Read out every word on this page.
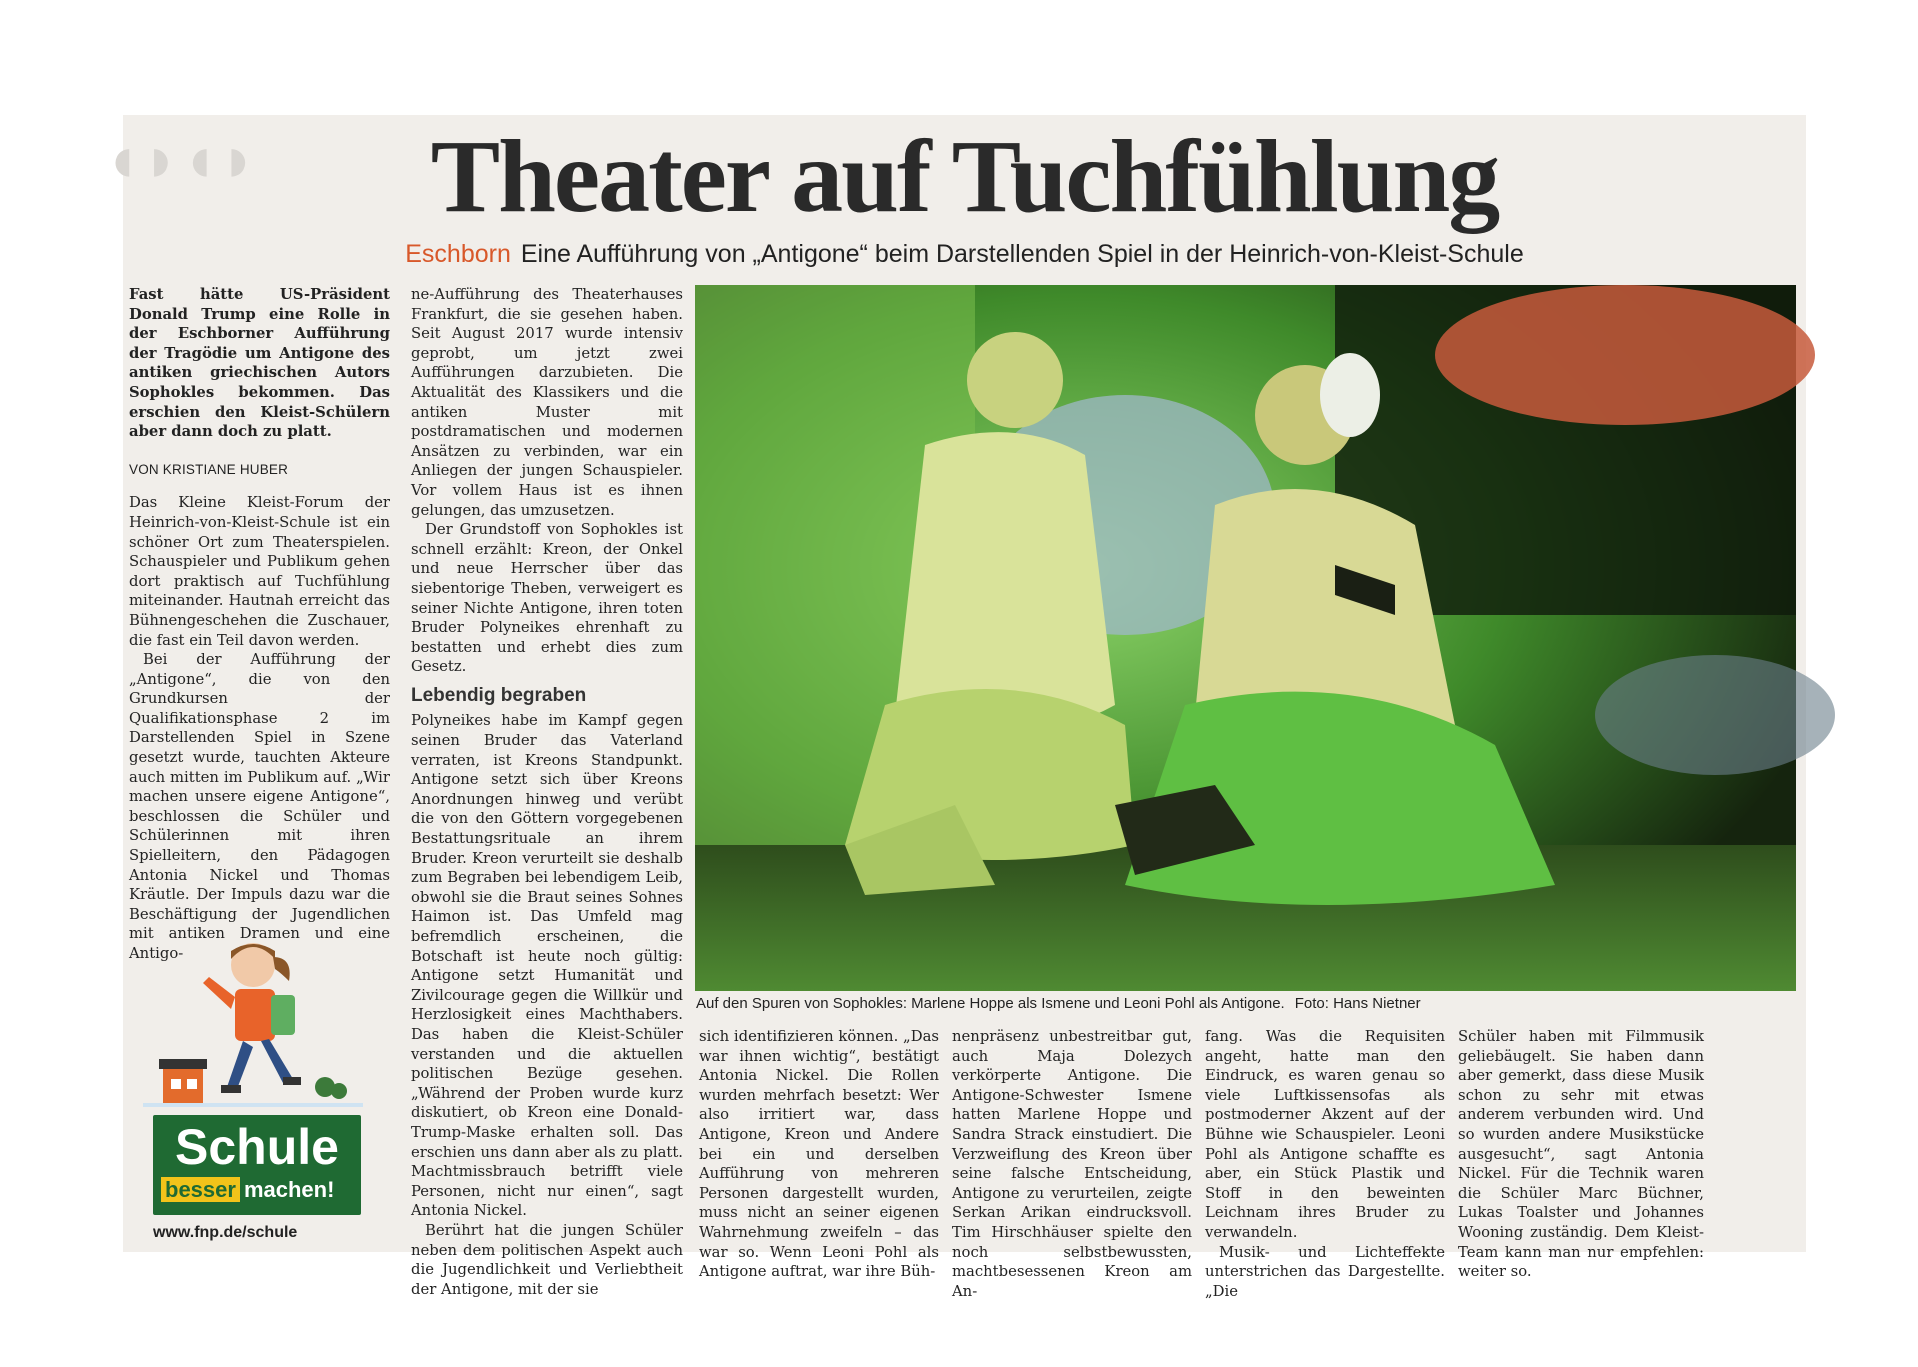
◖◗◖◗	Theater auf Tuchfühlung
Eschborn Eine Aufführung von „Antigone“ beim Darstellenden Spiel in der Heinrich-von-Kleist-Schule

Fast hätte US-Präsident Donald Trump eine Rolle in der Eschborner Aufführung der Tragödie um Antigone des antiken griechischen Autors Sophokles bekommen. Das erschien den Kleist-Schülern aber dann doch zu platt.

VON KRISTIANE HUBER

Das Kleine Kleist-Forum der Heinrich-von-Kleist-Schule ist ein schöner Ort zum Theaterspielen. Schauspieler und Publikum gehen dort praktisch auf Tuchfühlung miteinander. Hautnah erreicht das Bühnengeschehen die Zuschauer, die fast ein Teil davon werden.

Bei der Aufführung der „Antigone“, die von den Grundkursen der Qualifikationsphase 2 im Darstellenden Spiel in Szene gesetzt wurde, tauchten Akteure auch mitten im Publikum auf. „Wir machen unsere eigene Antigone“, beschlossen die Schüler und Schülerinnen mit ihren Spielleitern, den Pädagogen Antonia Nickel und Thomas Kräutle. Der Impuls dazu war die Beschäftigung der Jugendlichen mit antiken Dramen und eine Antigo-

ne-Aufführung des Theaterhauses Frankfurt, die sie gesehen haben. Seit August 2017 wurde intensiv geprobt, um jetzt zwei Aufführungen darzubieten. Die Aktualität des Klassikers und die antiken Muster mit postdramatischen und modernen Ansätzen zu verbinden, war ein Anliegen der jungen Schauspieler. Vor vollem Haus ist es ihnen gelungen, das umzusetzen.

Der Grundstoff von Sophokles ist schnell erzählt: Kreon, der Onkel und neue Herrscher über das siebentorige Theben, verweigert es seiner Nichte Antigone, ihren toten Bruder Polyneikes ehrenhaft zu bestatten und erhebt dies zum Gesetz.

Lebendig begraben

Polyneikes habe im Kampf gegen seinen Bruder das Vaterland verraten, ist Kreons Standpunkt. Antigone setzt sich über Kreons Anordnungen hinweg und verübt die von den Göttern vorgegebenen Bestattungsrituale an ihrem Bruder. Kreon verurteilt sie deshalb zum Begraben bei lebendigem Leib, obwohl sie die Braut seines Sohnes Haimon ist. Das Umfeld mag befremdlich erscheinen, die Botschaft ist heute noch gültig: Antigone setzt Humanität und Zivilcourage gegen die Willkür und Herzlosigkeit eines Machthabers. Das haben die Kleist-Schüler verstanden und die aktuellen politischen Bezüge gesehen. „Während der Proben wurde kurz diskutiert, ob Kreon eine Donald-Trump-Maske erhalten soll. Das erschien uns dann aber als zu platt. Machtmissbrauch betrifft viele Personen, nicht nur einen“, sagt Antonia Nickel.

Berührt hat die jungen Schüler neben dem politischen Aspekt auch die Jugendlichkeit und Verliebtheit der Antigone, mit der sie

Auf den Spuren von Sophokles: Marlene Hoppe als Ismene und Leoni Pohl als Antigone. Foto: Hans Nietner

sich identifizieren können. „Das war ihnen wichtig“, bestätigt Antonia Nickel. Die Rollen wurden mehrfach besetzt: Wer also irritiert war, dass Antigone, Kreon und Andere bei ein und derselben Aufführung von mehreren Personen dargestellt wurden, muss nicht an seiner eigenen Wahrnehmung zweifeln – das war so. Wenn Leoni Pohl als Antigone auftrat, war ihre Büh-

nenpräsenz unbestreitbar gut, auch Maja Dolezych verkörperte Antigone. Die Antigone-Schwester Ismene hatten Marlene Hoppe und Sandra Strack einstudiert. Die Verzweiflung des Kreon über seine falsche Entscheidung, Antigone zu verurteilen, zeigte Serkan Arikan eindrucksvoll. Tim Hirschhäuser spielte den noch selbstbewussten, machtbesessenen Kreon am An-

fang. Was die Requisiten angeht, hatte man den Eindruck, es waren genau so viele Luftkissensofas als postmoderner Akzent auf der Bühne wie Schauspieler. Leoni Pohl als Antigone schaffte es aber, ein Stück Plastik und Stoff in den beweinten Leichnam ihres Bruder zu verwandeln.

Musik- und Lichteffekte unterstrichen das Dargestellte. „Die

Schüler haben mit Filmmusik geliebäugelt. Sie haben dann aber gemerkt, dass diese Musik schon zu sehr mit etwas anderem verbunden wird. Und so wurden andere Musikstücke ausgesucht“, sagt Antonia Nickel. Für die Technik waren die Schüler Marc Büchner, Lukas Toalster und Johannes Wooning zuständig. Dem Kleist-Team kann man nur empfehlen: weiter so.

Schule
besser machen!
www.fnp.de/schule
